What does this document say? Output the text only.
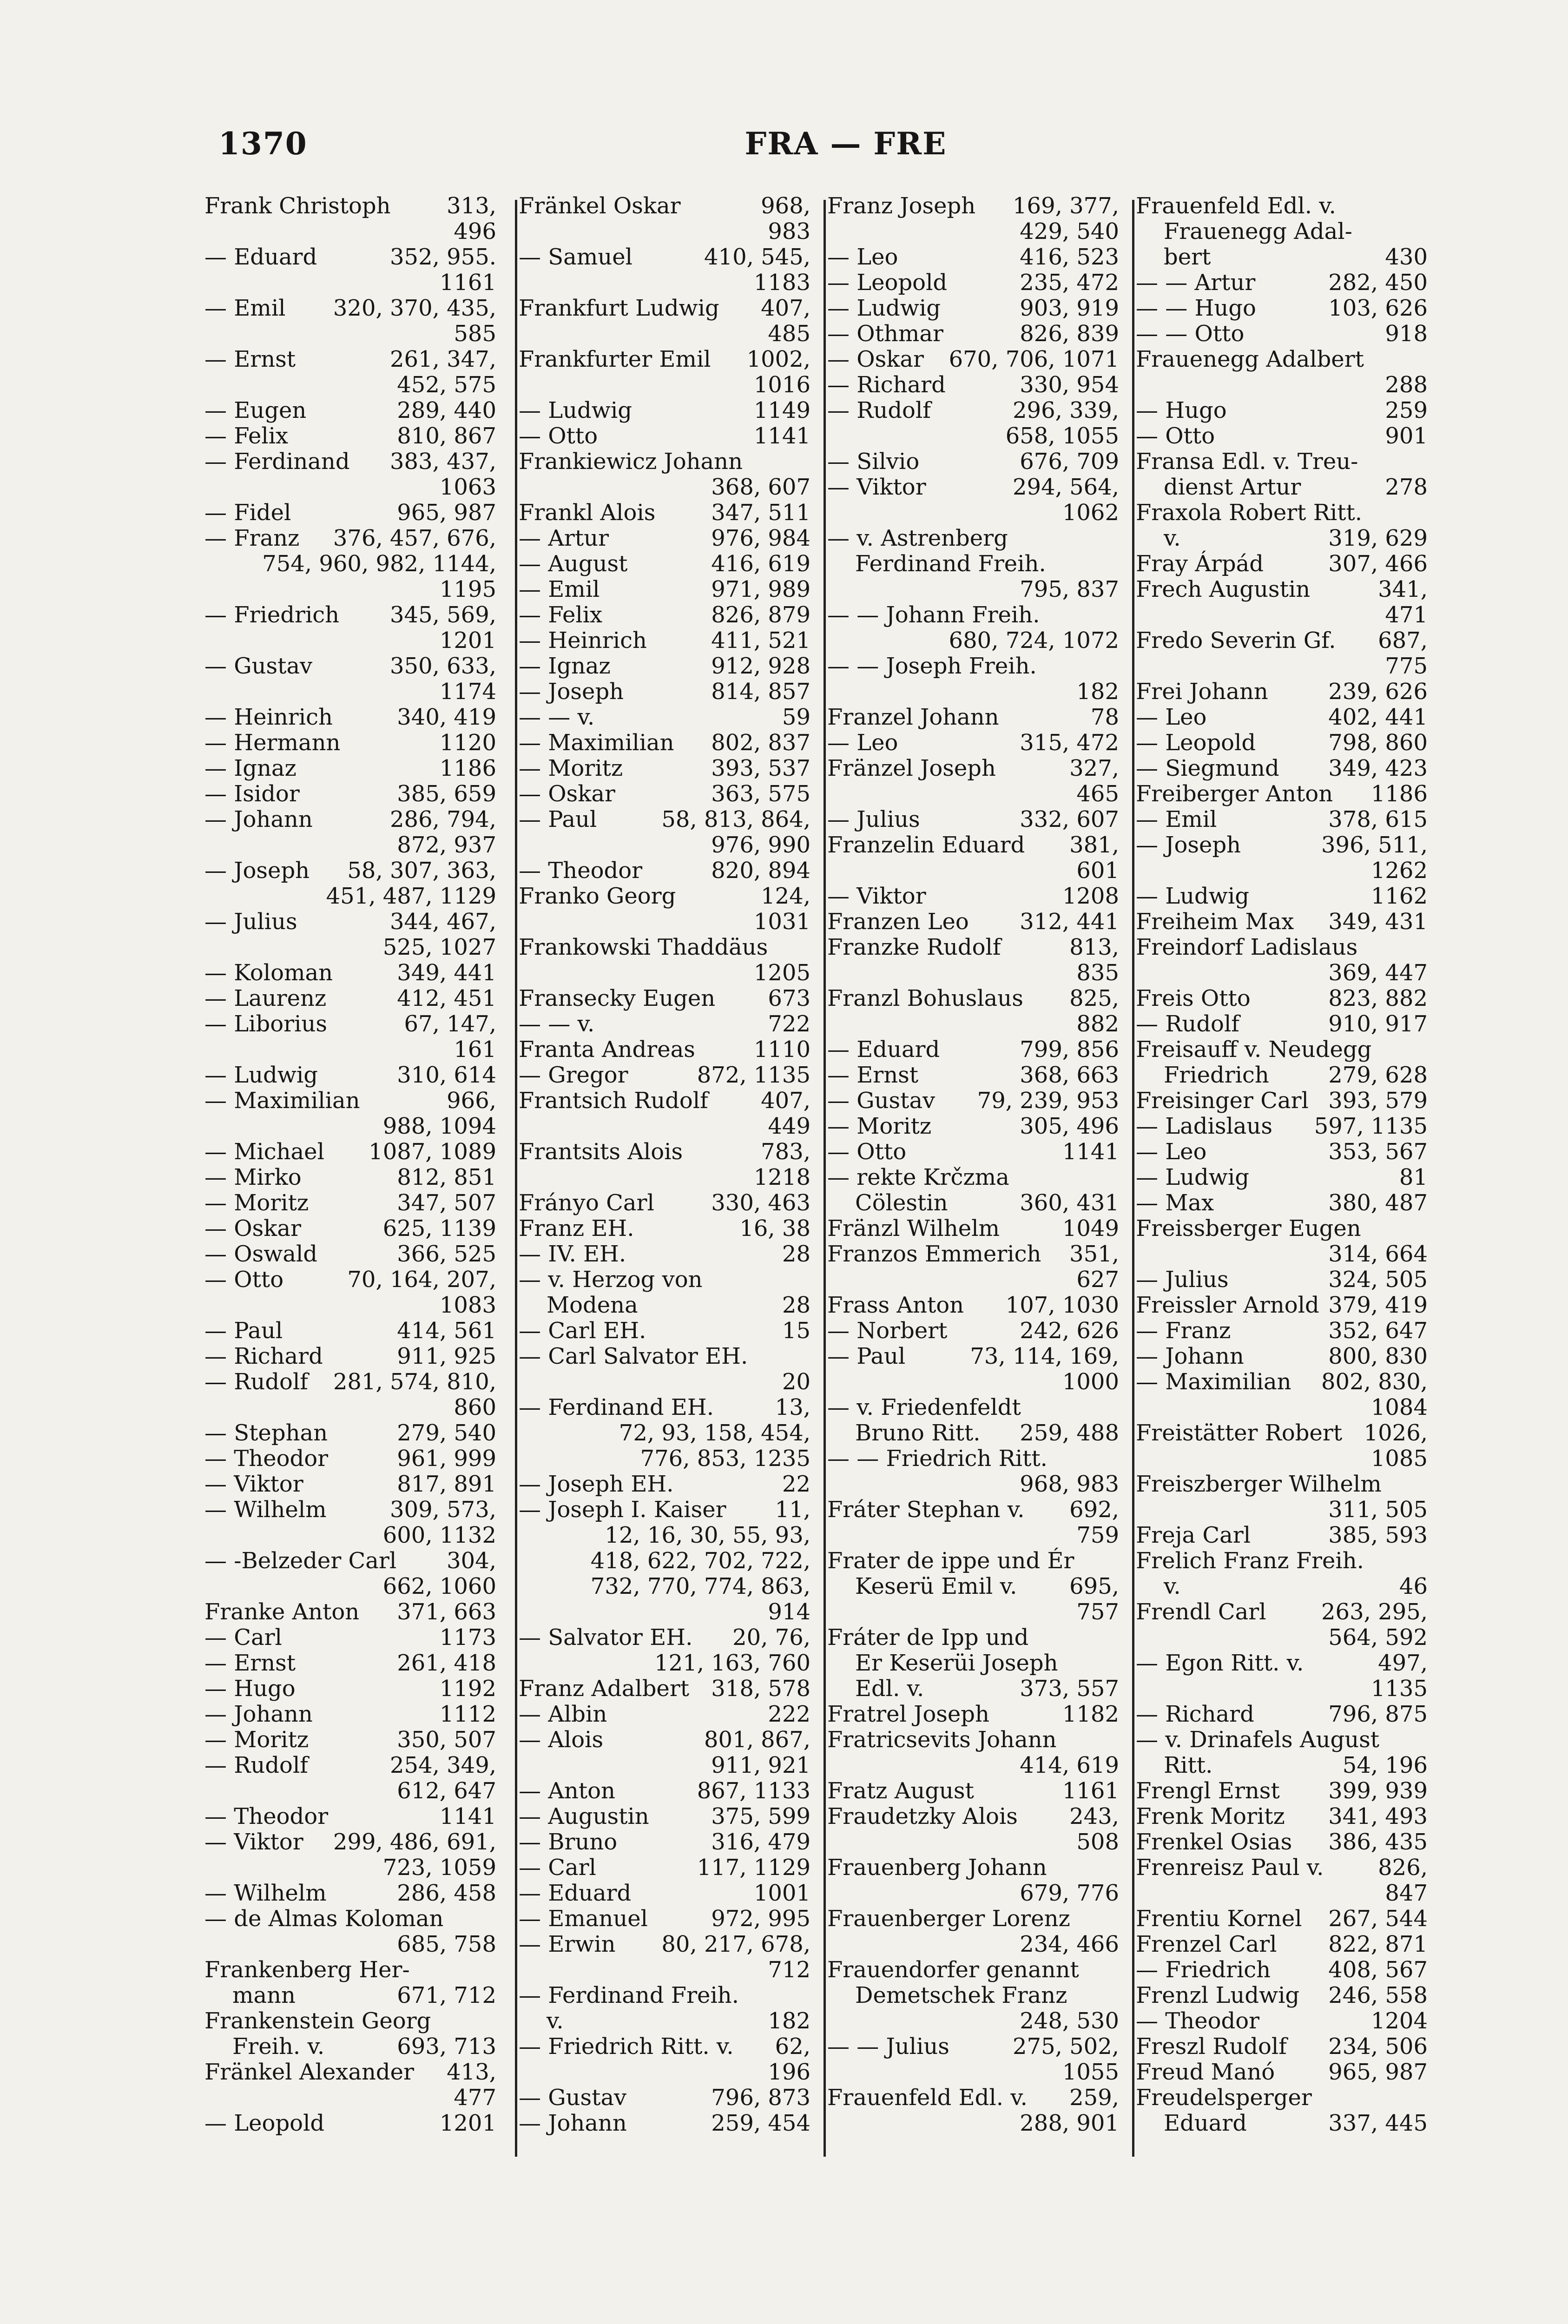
1370	FRA — FRE
Frank Christoph	313,
496
— Eduard	352, 955.
1161
— Emil 320, 370, 435,
585
— Ernst	261, 347,
452, 575
— Eugen	289, 440
— Felix	810, 867
— Ferdinand 383, 437,
1063
— Fidel	965, 987
— Franz 376, 457, 676,
754, 960, 982, 1144,
1195
— Friedrich 345, 569,
1201
— Gustav	350, 633,
1174
— Heinrich	340, 419
— Hermann	1120
— Ignaz	1186
— Isidor	385, 659
— Johann	286, 794,
872, 937
— Joseph 58, 307, 363,
451, 487, 1129
— Julius	344, 467,
525, 1027
— Koloman	349, 441
— Laurenz	412, 451
— Liborius	67, 147,
161
— Ludwig	310, 614
— Maximilian	966,
988, 1094
— Michael 1087, 1089
— Mirko	812, 851
— Moritz	347, 507
— Oskar	625, 1139
— Oswald	366, 525
— Otto	70, 164, 207,
1083
— Paul	414, 561
— Richard	911, 925
— Rudolf 281, 574, 810,
860
— Stephan	279, 540
— Theodor	961, 999
— Viktor	817, 891
— Wilhelm	309, 573,
600, 1132
— -Belzeder Carl 304,
662, 1060
Franke Anton 371, 663
— Carl	1173
— Ernst	261, 418
— Hugo	1192
— Johann	1112
— Moritz	350, 507
— Rudolf	254, 349,
612, 647
— Theodor	1141
— Viktor 299, 486, 691,
723, 1059
— Wilhelm	286, 458
— de Almas Koloman
685, 758
Frankenberg Her-
mann	671, 712
Frankenstein Georg
Freih. v.	693, 713
Fränkel Alexander 413,
477
— Leopold	1201
Fränkel Oskar	968,
983
— Samuel	410, 545,
1183
Frankfurt Ludwig 407,
485
Frankfurter Emil 1002,
1016
— Ludwig	1149
— Otto	1141
Frankiewicz Johann
368, 607
Frankl Alois 347, 511
— Artur	976, 984
— August	416, 619
— Emil	971, 989
— Felix	826, 879
— Heinrich	411, 521
— Ignaz	912, 928
— Joseph	814, 857
— — v.	59
— Maximilian 802, 837
— Moritz	393, 537
— Oskar	363, 575
— Paul	58, 813, 864,
976, 990
— Theodor	820, 894
Franko Georg	124,
1031
Frankowski Thaddäus
1205
Fransecky Eugen 673
— — v.	722
Franta Andreas	1110
— Gregor	872, 1135
Frantsich Rudolf 407,
449
Frantsits Alois	783,
1218
Fránуо Carl	330, 463
Franz EH.	16, 38
— IV. EH.	28
— v. Herzog von
Modena	28
— Carl EH.	15
— Carl Salvator EH.
20
— Ferdinand EH.	13,
72, 93, 158, 454,
776, 853, 1235
— Joseph EH.	22
— Joseph I. Kaiser 11,
12, 16, 30, 55, 93,
418, 622, 702, 722,
732, 770, 774, 863,
914
— Salvator EH. 20, 76,
121, 163, 760
Franz Adalbert 318, 578
— Albin	222
— Alois	801, 867,
911, 921
— Anton	867, 1133
— Augustin	375, 599
— Bruno	316, 479
— Carl	117, 1129
— Eduard	1001
— Emanuel	972, 995
— Erwin 80, 217, 678,
712
— Ferdinand Freih.
v.	182
— Friedrich Ritt. v. 62,
196
— Gustav	796, 873
— Johann	259, 454
Franz Joseph 169, 377,
429, 540
— Leo	416, 523
— Leopold	235, 472
— Ludwig	903, 919
— Othmar	826, 839
— Oskar 670, 706, 1071
— Richard	330, 954
— Rudolf	296, 339,
658, 1055
— Silvio	676, 709
— Viktor	294, 564,
1062
— v. Astrenberg
Ferdinand Freih.
795, 837
— — Johann Freih.
680, 724, 1072
— — Joseph Freih.
182
Franzel Johann	78
— Leo	315, 472
Fränzel Joseph	327,
465
— Julius	332, 607
Franzelin Eduard 381,
601
— Viktor	1208
Franzen Leo 312, 441
Franzke Rudolf	813,
835
Franzl Bohuslaus 825,
882
— Eduard	799, 856
— Ernst	368, 663
— Gustav 79, 239, 953
— Moritz	305, 496
— Otto	1141
— rekte Krčzma
Cölestin	360, 431
Fränzl Wilhelm	1049
Franzos Emmerich 351,
627
Frass Anton 107, 1030
— Norbert	242, 626
— Paul	73, 114, 169,
1000
— v. Friedenfeldt
Bruno Ritt. 259, 488
— — Friedrich Ritt.
968, 983
Fráter Stephan v. 692,
759
Frater de ippe und Ér
Keserü Emil v. 695,
757
Fráter de Ipp und
Er Keserüi Joseph
Edl. v.	373, 557
Fratrel Joseph	1182
Fratricsevits Johann
414, 619
Fratz August	1161
Fraudetzky Alois 243,
508
Frauenberg Johann
679, 776
Frauenberger Lorenz
234, 466
Frauendorfer genannt
Demetschek Franz
248, 530
— — Julius	275, 502,
1055
Frauenfeld Edl. v. 259,
288, 901
Frauenfeld Edl. v.
Frauenegg Adal-
bert	430
— — Artur	282, 450
— — Hugo	103, 626
— — Otto	918
Frauenegg Adalbert
288
— Hugo	259
— Otto	901
Fransa Edl. v. Treu-
dienst Artur	278
Fraxola Robert Ritt.
v.	319, 629
Fray Árpád	307, 466
Frech Augustin	341,
471
Fredo Severin Gf. 687,
775
Frei Johann	239, 626
— Leo	402, 441
— Leopold	798, 860
— Siegmund 349, 423
Freiberger Anton 1186
— Emil	378, 615
— Joseph	396, 511,
1262
— Ludwig	1162
Freiheim Max 349, 431
Freindorf Ladislaus
369, 447
Freis Otto	823, 882
— Rudolf	910, 917
Freisauff v. Neudegg
Friedrich	279, 628
Freisinger Carl 393, 579
— Ladislaus 597, 1135
— Leo	353, 567
— Ludwig	81
— Max	380, 487
Freissberger Eugen
314, 664
— Julius	324, 505
Freissler Arnold 379, 419
— Franz	352, 647
— Johann	800, 830
— Maximilian 802, 830,
1084
Freistätter Robert 1026,
1085
Freiszberger Wilhelm
311, 505
Freja Carl	385, 593
Frelich Franz Freih.
v.	46
Frendl Carl 263, 295,
564, 592
— Egon Ritt. v.	497,
1135
— Richard	796, 875
— v. Drinafels August
Ritt.	54, 196
Frengl Ernst 399, 939
Frenk Moritz 341, 493
Frenkel Osias 386, 435
Frenreisz Paul v. 826,
847
Frentiu Kornel 267, 544
Frenzel Carl 822, 871
— Friedrich	408, 567
Frenzl Ludwig 246, 558
— Theodor	1204
Freszl Rudolf 234, 506
Freud Manó 965, 987
Freudelsperger
Eduard	337, 445
